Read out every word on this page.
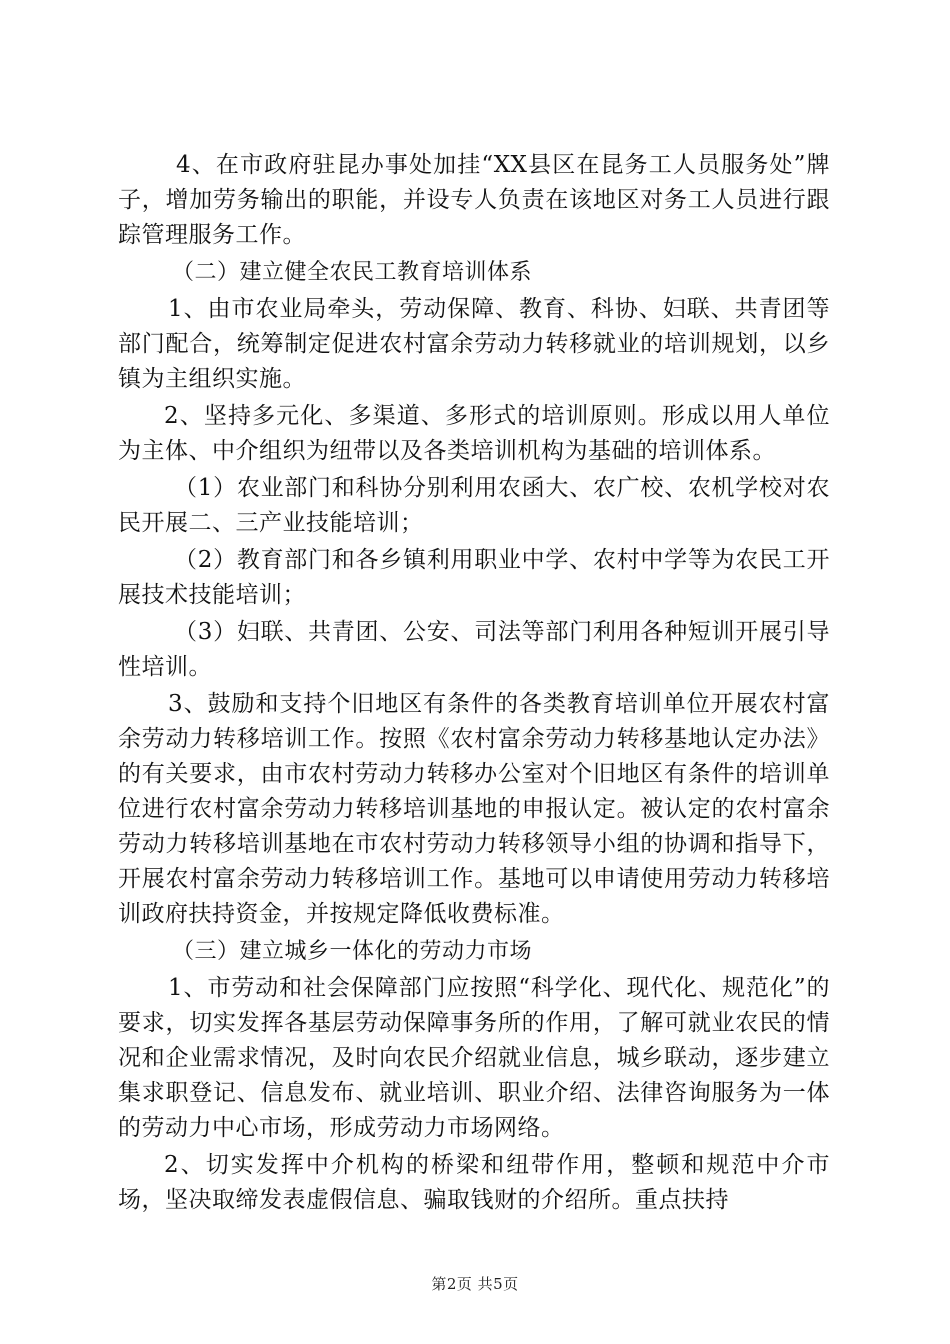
4、在市政府驻昆办事处加挂“XX县区在昆务工人员服务处”牌子，增加劳务输出的职能，并设专人负责在该地区对务工人员进行跟踪管理服务工作。

（二）建立健全农民工教育培训体系

1、由市农业局牵头，劳动保障、教育、科协、妇联、共青团等部门配合，统筹制定促进农村富余劳动力转移就业的培训规划，以乡镇为主组织实施。

2、坚持多元化、多渠道、多形式的培训原则。形成以用人单位为主体、中介组织为纽带以及各类培训机构为基础的培训体系。

（1）农业部门和科协分别利用农函大、农广校、农机学校对农民开展二、三产业技能培训；

（2）教育部门和各乡镇利用职业中学、农村中学等为农民工开展技术技能培训；

（3）妇联、共青团、公安、司法等部门利用各种短训开展引导性培训。

3、鼓励和支持个旧地区有条件的各类教育培训单位开展农村富余劳动力转移培训工作。按照《农村富余劳动力转移基地认定办法》的有关要求，由市农村劳动力转移办公室对个旧地区有条件的培训单位进行农村富余劳动力转移培训基地的申报认定。被认定的农村富余劳动力转移培训基地在市农村劳动力转移领导小组的协调和指导下，开展农村富余劳动力转移培训工作。基地可以申请使用劳动力转移培训政府扶持资金，并按规定降低收费标准。

（三）建立城乡一体化的劳动力市场

1、市劳动和社会保障部门应按照“科学化、现代化、规范化”的要求，切实发挥各基层劳动保障事务所的作用，了解可就业农民的情况和企业需求情况，及时向农民介绍就业信息，城乡联动，逐步建立集求职登记、信息发布、就业培训、职业介绍、法律咨询服务为一体的劳动力中心市场，形成劳动力市场网络。

2、切实发挥中介机构的桥梁和纽带作用，整顿和规范中介市场，坚决取缔发表虚假信息、骗取钱财的介绍所。重点扶持

第2页 共5页
